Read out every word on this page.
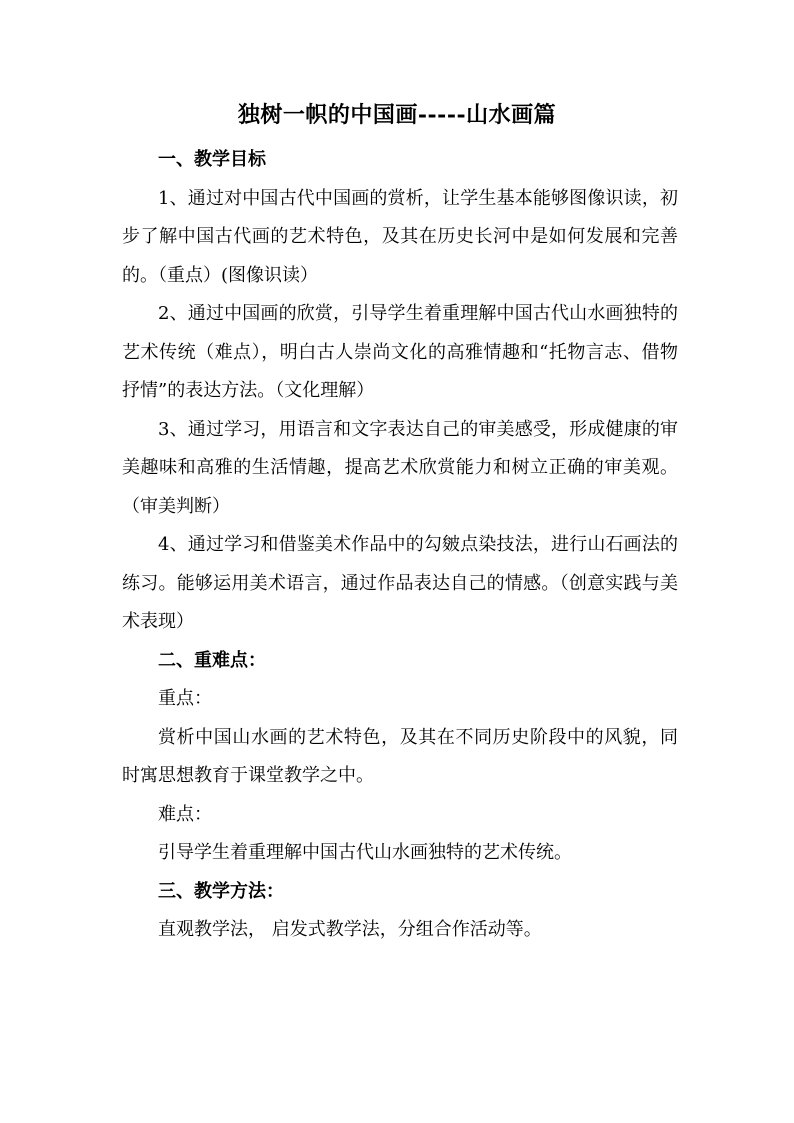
独树一帜的中国画-----山水画篇

一、教学目标

1、通过对中国古代中国画的赏析，让学生基本能够图像识读，初步了解中国古代画的艺术特色，及其在历史长河中是如何发展和完善的。（重点）(图像识读）

2、通过中国画的欣赏，引导学生着重理解中国古代山水画独特的艺术传统（难点），明白古人崇尚文化的高雅情趣和“托物言志、借物抒情”的表达方法。（文化理解）

3、通过学习，用语言和文字表达自己的审美感受，形成健康的审美趣味和高雅的生活情趣，提高艺术欣赏能力和树立正确的审美观。（审美判断）

4、通过学习和借鉴美术作品中的勾皴点染技法，进行山石画法的练习。能够运用美术语言，通过作品表达自己的情感。（创意实践与美术表现）

二、重难点：

重点：

赏析中国山水画的艺术特色，及其在不同历史阶段中的风貌，同时寓思想教育于课堂教学之中。

难点：

引导学生着重理解中国古代山水画独特的艺术传统。

三、教学方法：

直观教学法， 启发式教学法，分组合作活动等。
